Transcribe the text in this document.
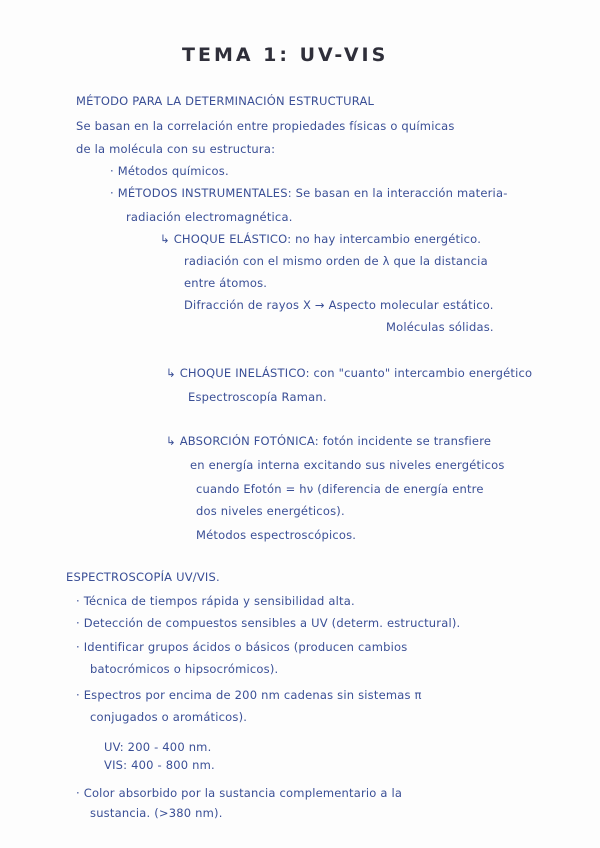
TEMA 1: UV-VIS
MÉTODO PARA LA DETERMINACIÓN ESTRUCTURAL
Se basan en la correlación entre propiedades físicas o químicas
de la molécula con su estructura:
· Métodos químicos.
· MÉTODOS INSTRUMENTALES: Se basan en la interacción materia-
radiación electromagnética.
↳ CHOQUE ELÁSTICO: no hay intercambio energético.
radiación con el mismo orden de λ que la distancia
entre átomos.
Difracción de rayos X → Aspecto molecular estático.
Moléculas sólidas.
↳ CHOQUE INELÁSTICO: con "cuanto" intercambio energético
Espectroscopía Raman.
↳ ABSORCIÓN FOTÓNICA: fotón incidente se transfiere
en energía interna excitando sus niveles energéticos
cuando Efotón = hν (diferencia de energía entre
dos niveles energéticos).
Métodos espectroscópicos.
ESPECTROSCOPÍA UV/VIS.
· Técnica de tiempos rápida y sensibilidad alta.
· Detección de compuestos sensibles a UV (determ. estructural).
· Identificar grupos ácidos o básicos (producen cambios
batocrómicos o hipsocrómicos).
· Espectros por encima de 200 nm cadenas sin sistemas π
conjugados o aromáticos).
UV: 200 - 400 nm.
VIS: 400 - 800 nm.
· Color absorbido por la sustancia complementario a la
sustancia. (>380 nm).
